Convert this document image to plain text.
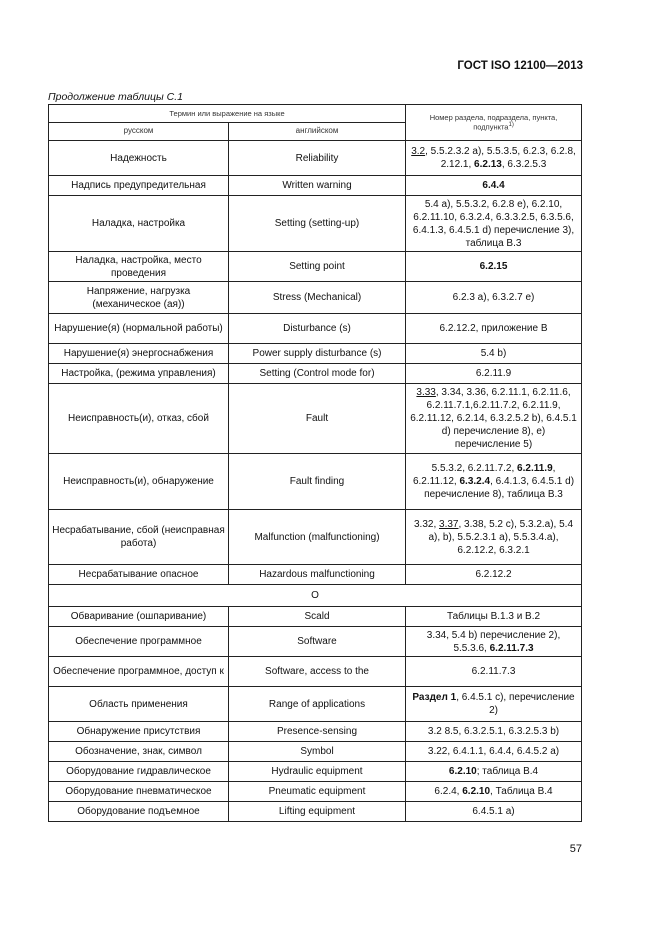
ГОСТ ISO 12100—2013
Продолжение таблицы С.1
Термин или выражение на языке		Номер раздела, подраздела, пункта, подпункта$^{1)}$
русском	английском	
Надежность	Reliability	3.2, 5.5.2.3.2 а), 5.5.3.5, 6.2.3, 6.2.8, 2.12.1, 6.2.13, 6.3.2.5.3
Надпись предупредительная	Written warning	6.4.4
Наладка, настройка	Setting (setting-up)	5.4 а), 5.5.3.2, 6.2.8 е), 6.2.10, 6.2.11.10, 6.3.2.4, 6.3.3.2.5, 6.3.5.6, 6.4.1.3, 6.4.5.1 d) перечисление 3), таблица В.3
Наладка, настройка, место проведения	Setting point	6.2.15
Напряжение, нагрузка (механическое (ая))	Stress (Mechanical)	6.2.3 а), 6.3.2.7 е)
Нарушение(я) (нормальной работы)	Disturbance (s)	6.2.12.2, приложение В
Нарушение(я) энергоснабжения	Power supply disturbance (s)	5.4 b)
Настройка, (режима управления)	Setting (Control mode for)	6.2.11.9
Неисправность(и), отказ, сбой	Fault	3.33, 3.34, 3.36, 6.2.11.1, 6.2.11.6, 6.2.11.7.1,6.2.11.7.2, 6.2.11.9, 6.2.11.12, 6.2.14, 6.3.2.5.2 b), 6.4.5.1 d) перечисление 8), е) перечисление 5)
Неисправность(и), обнаружение	Fault finding	5.5.3.2, 6.2.11.7.2, 6.2.11.9, 6.2.11.12, 6.3.2.4, 6.4.1.3, 6.4.5.1 d) перечисление 8), таблица В.3
Несрабатывание, сбой (неисправная работа)	Malfunction (malfunctioning)	3.32, 3.37, 3.38, 5.2 с), 5.3.2.а), 5.4 а), b), 5.5.2.3.1 а), 5.5.3.4.а), 6.2.12.2, 6.3.2.1
Несрабатывание опасное	Hazardous malfunctioning	6.2.12.2
О		
Обваривание (ошпаривание)	Scald	Таблицы В.1.3 и В.2
Обеспечение программное	Software	3.34, 5.4 b) перечисление 2), 5.5.3.6, 6.2.11.7.3
Обеспечение программное, доступ к	Software, access to the	6.2.11.7.3
Область применения	Range of applications	Раздел 1, 6.4.5.1 с), перечисление 2)
Обнаружение присутствия	Presence-sensing	3.2 8.5, 6.3.2.5.1, 6.3.2.5.3 b)
Обозначение, знак, символ	Symbol	3.22, 6.4.1.1, 6.4.4, 6.4.5.2 а)
Оборудование гидравлическое	Hydraulic equipment	6.2.10; таблица В.4
Оборудование пневматическое	Pneumatic equipment	6.2.4, 6.2.10, Таблица В.4
Оборудование подъемное	Lifting equipment	6.4.5.1 а)
57
